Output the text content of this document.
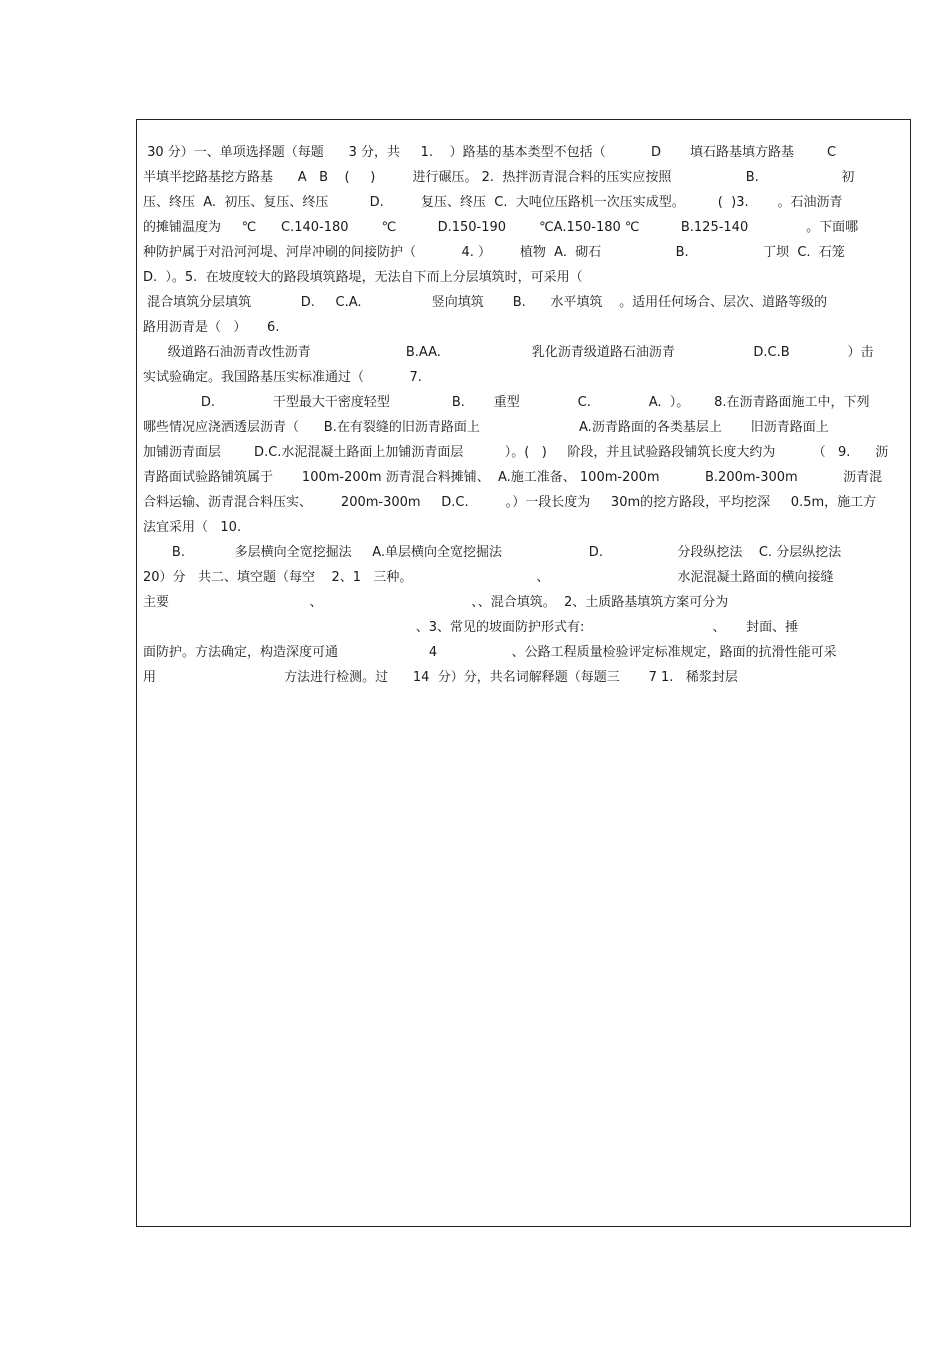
30 分）一、单项选择题（每题      3 分，共     1.    ）路基的基本类型不包括（           D       填石路基填方路基        C
半填半挖路基挖方路基      A   B    (     )         进行碾压。 2.  热拌沥青混合料的压实应按照                  B.                    初
压、终压  A.  初压、复压、终压          D.         复压、终压  C.  大吨位压路机一次压实成型。        (  )3.       。石油沥青
的摊铺温度为     ℃      C.140-180        ℃          D.150-190        ℃A.150-180 ℃          B.125-140              。下面哪
种防护属于对沿河河堤、河岸冲刷的间接防护（           4. ）       植物  A.  砌石                  B.                  丁坝  C.  石笼
D.  ）。5.  在坡度较大的路段填筑路堤，无法自下而上分层填筑时，可采用（
混合填筑分层填筑            D.     C.A.                 竖向填筑       B.      水平填筑    。适用任何场合、层次、道路等级的
路用沥青是（   ）     6.
级道路石油沥青改性沥青                       B.AA.                      乳化沥青级道路石油沥青                   D.C.B              ）击
实试验确定。我国路基压实标准通过（           7.
D.              干型最大干密度轻型               B.       重型              C.              A.  ）。      8.在沥青路面施工中，下列
哪些情况应浇洒透层沥青（      B.在有裂缝的旧沥青路面上                        A.沥青路面的各类基层上       旧沥青路面上
加铺沥青面层        D.C.水泥混凝土路面上加铺沥青面层          ）。(   )     阶段，并且试验路段铺筑长度大约为         （   9.      沥
青路面试验路铺筑属于       100m-200m 沥青混合料摊铺、  A.施工准备、 100m-200m           B.200m-300m           沥青混
合料运输、沥青混合料压实、       200m-300m     D.C.         。）一段长度为     30m的挖方路段，平均挖深     0.5m，施工方
法宜采用（   10.
B.            多层横向全宽挖掘法     A.单层横向全宽挖掘法                     D.                  分段纵挖法    C. 分层纵挖法
20）分   共二、填空题（每空    2、1   三种。                              、                               水泥混凝土路面的横向接缝
主要                                  、                                    、、混合填筑。  2、土质路基填筑方案可分为
、3、常见的坡面防护形式有:                               、     封面、捶
面防护。方法确定，构造深度可通                      4                  、公路工程质量检验评定标准规定，路面的抗滑性能可采
用                               方法进行检测。过      14  分）分，共名词解释题（每题三       7 1.   稀浆封层
